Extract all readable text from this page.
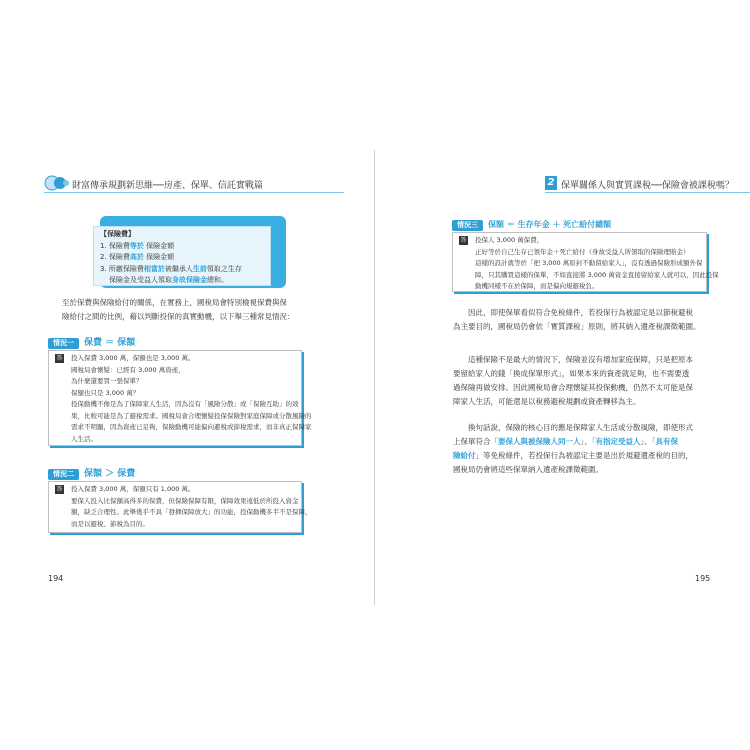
財富傳承規劃新思維──房產、保單、信託實戰篇
【保險費】
1. 保險費等於 保險金額
2. 保險費高於 保險金額
3. 所繳保險費相當於被繼承人生前領取之生存
保險金及受益人領取身故保險金總和。
至於保費與保險給付的關係，在實務上，國稅局會特別檢視保費與保
險給付之間的比例，藉以判斷投保的真實動機，以下舉三種常見情況：
情況一	保費 ＝ 保額
答 投入保費 3,000 萬，保額也是 3,000 萬。
國稅局會懷疑：已經有 3,000 萬資產，
為什麼還要買一張保單？
保額也只是 3,000 萬？
投保動機不像是為了保障家人生活，因為沒有「風險分散」或「保險互助」的效
果，比較可能是為了避稅需求。國稅局會合理懷疑投保保險對家庭保障或分散風險的
需求不明顯，因為資產已足夠，保險動機可能偏向避稅或節稅需求，而非真正保障家
人生活。
情況二	保額 ＞ 保費
答 投入保費 3,000 萬，保額只有 1,000 萬。
要保人投入比保額高得多的保費，但保險保障有限，保障效果遠低於所投入資金
額，缺乏合理性。此舉幾乎不具「發揮保障放大」的功能，投保動機多半不是保障，
而是以避稅、節稅為目的。
194
2 保單關係人與實質課稅──保險會被課稅嗎？
情況三	保額 ＝ 生存年金 ＋ 死亡給付總額
答 投保人 3,000 萬保費，
正好等於自己生存已領年金＋死亡給付（身故受益人所領取的保險理賠金）
這樣的設計就等於「把 3,000 萬原封不動留給家人」，沒有透過保險形成額外保
障，只其購買這樣的保單，不如直接將 3,000 萬資金直接留給家人就可以，因此投保
動機同樣不在於保障，而是偏向規避稅負。
因此，即使保單看似符合免稅條件，若投保行為被認定是以節稅避稅
為主要目的，國稅局仍會依「實質課稅」原則，將其納入遺產稅課徵範圍。
這種保險不是最大的情況下，保險並沒有增加家庭保障，只是把原本
要留給家人的錢「換成保單形式」，如果本來的資產就足夠，也不需要透
過保險再做安排。因此國稅局會合理懷疑其投保動機，仍然不太可能是保
障家人生活，可能還是以稅務避稅規劃或資產轉移為主。
換句話說，保險的核心目的應是保障家人生活或分散風險，即使形式
上保單符合「要保人與被保險人同一人」、「有指定受益人」、「具有保
險給付」等免稅條件，若投保行為被認定主要是出於規避遺產稅的目的，
國稅局仍會將這些保單納入遺產稅課徵範圍。
195
